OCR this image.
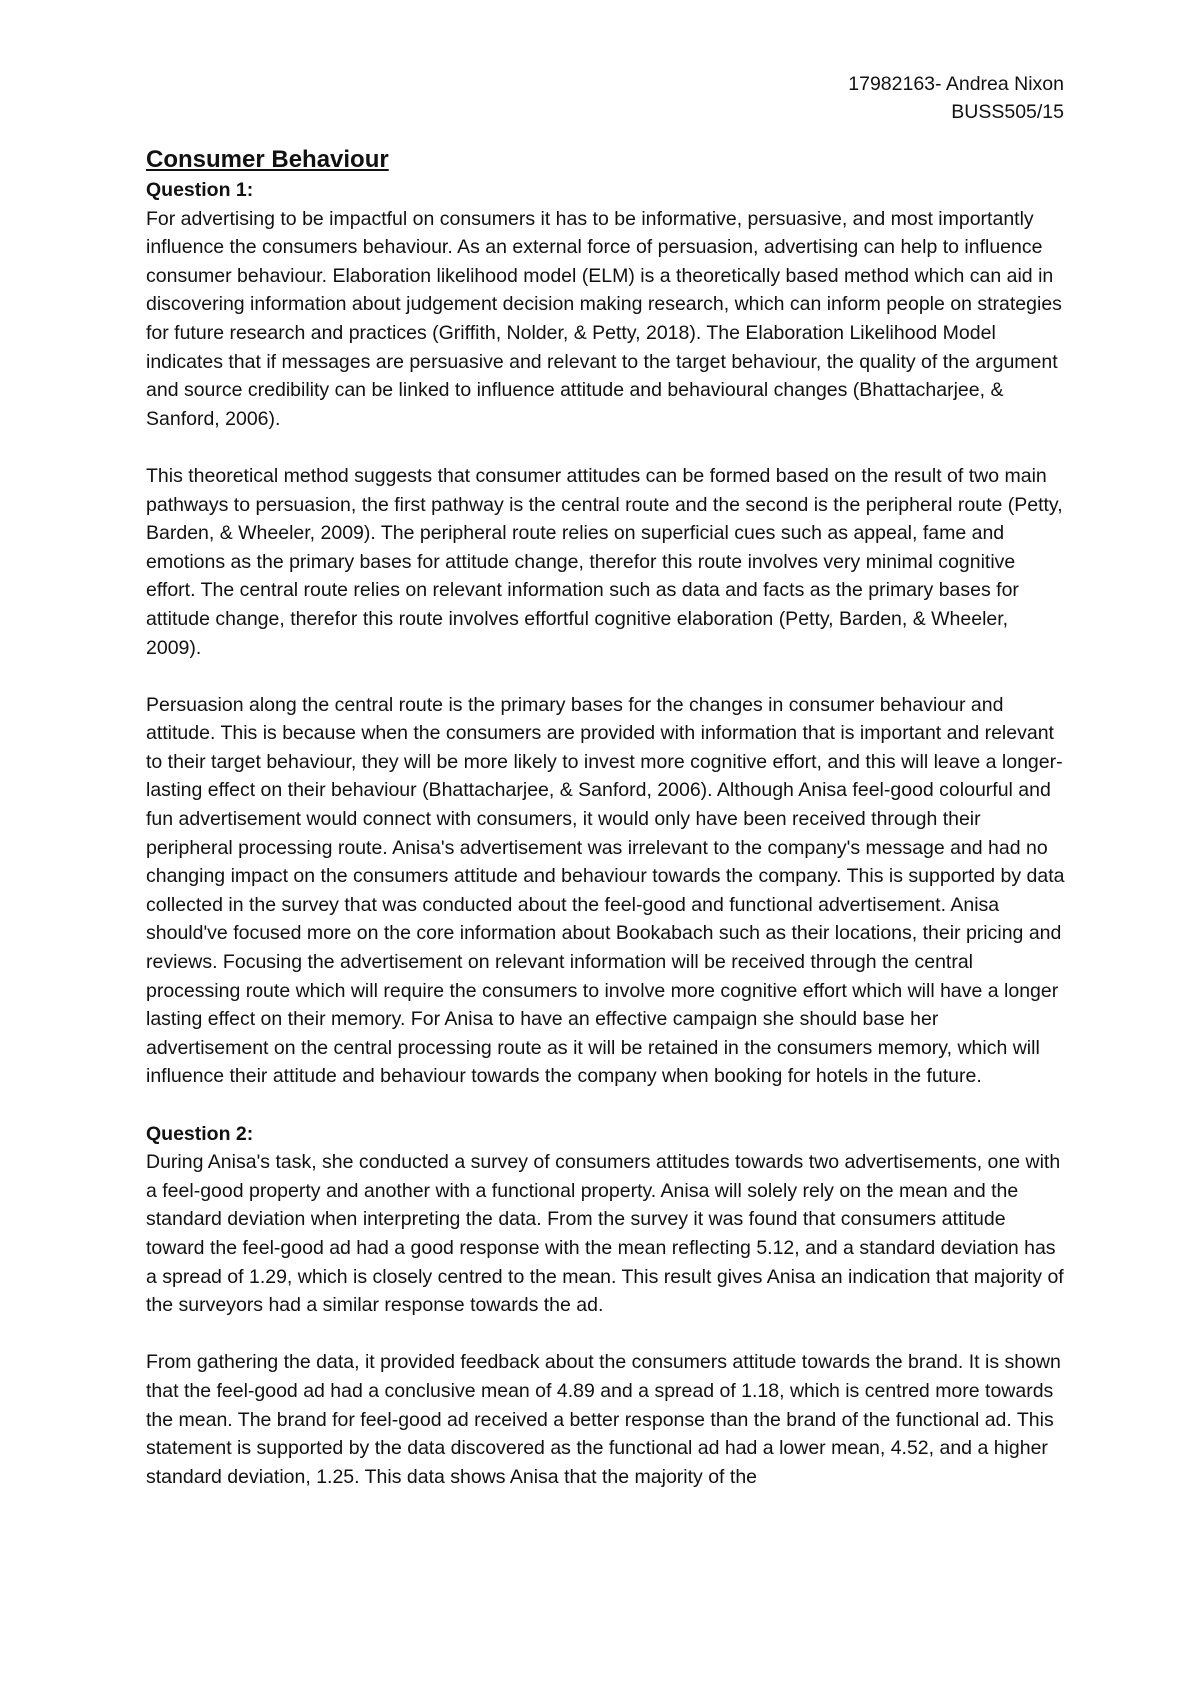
17982163- Andrea Nixon
BUSS505/15
Consumer Behaviour
Question 1:

For advertising to be impactful on consumers it has to be informative, persuasive, and most importantly influence the consumers behaviour. As an external force of persuasion, advertising can help to influence consumer behaviour. Elaboration likelihood model (ELM) is a theoretically based method which can aid in discovering information about judgement decision making research, which can inform people on strategies for future research and practices (Griffith, Nolder, & Petty, 2018). The Elaboration Likelihood Model indicates that if messages are persuasive and relevant to the target behaviour, the quality of the argument and source credibility can be linked to influence attitude and behavioural changes (Bhattacharjee, & Sanford, 2006).

This theoretical method suggests that consumer attitudes can be formed based on the result of two main pathways to persuasion, the first pathway is the central route and the second is the peripheral route (Petty, Barden, & Wheeler, 2009). The peripheral route relies on superficial cues such as appeal, fame and emotions as the primary bases for attitude change, therefor this route involves very minimal cognitive effort. The central route relies on relevant information such as data and facts as the primary bases for attitude change, therefor this route involves effortful cognitive elaboration (Petty, Barden, & Wheeler, 2009).

Persuasion along the central route is the primary bases for the changes in consumer behaviour and attitude. This is because when the consumers are provided with information that is important and relevant to their target behaviour, they will be more likely to invest more cognitive effort, and this will leave a longer-lasting effect on their behaviour (Bhattacharjee, & Sanford, 2006). Although Anisa feel-good colourful and fun advertisement would connect with consumers, it would only have been received through their peripheral processing route. Anisa's advertisement was irrelevant to the company's message and had no changing impact on the consumers attitude and behaviour towards the company. This is supported by data collected in the survey that was conducted about the feel-good and functional advertisement. Anisa should've focused more on the core information about Bookabach such as their locations, their pricing and reviews. Focusing the advertisement on relevant information will be received through the central processing route which will require the consumers to involve more cognitive effort which will have a longer lasting effect on their memory. For Anisa to have an effective campaign she should base her advertisement on the central processing route as it will be retained in the consumers memory, which will influence their attitude and behaviour towards the company when booking for hotels in the future.

Question 2:

During Anisa's task, she conducted a survey of consumers attitudes towards two advertisements, one with a feel-good property and another with a functional property. Anisa will solely rely on the mean and the standard deviation when interpreting the data. From the survey it was found that consumers attitude toward the feel-good ad had a good response with the mean reflecting 5.12, and a standard deviation has a spread of 1.29, which is closely centred to the mean. This result gives Anisa an indication that majority of the surveyors had a similar response towards the ad.

From gathering the data, it provided feedback about the consumers attitude towards the brand. It is shown that the feel-good ad had a conclusive mean of 4.89 and a spread of 1.18, which is centred more towards the mean. The brand for feel-good ad received a better response than the brand of the functional ad. This statement is supported by the data discovered as the functional ad had a lower mean, 4.52, and a higher standard deviation, 1.25. This data shows Anisa that the majority of the
